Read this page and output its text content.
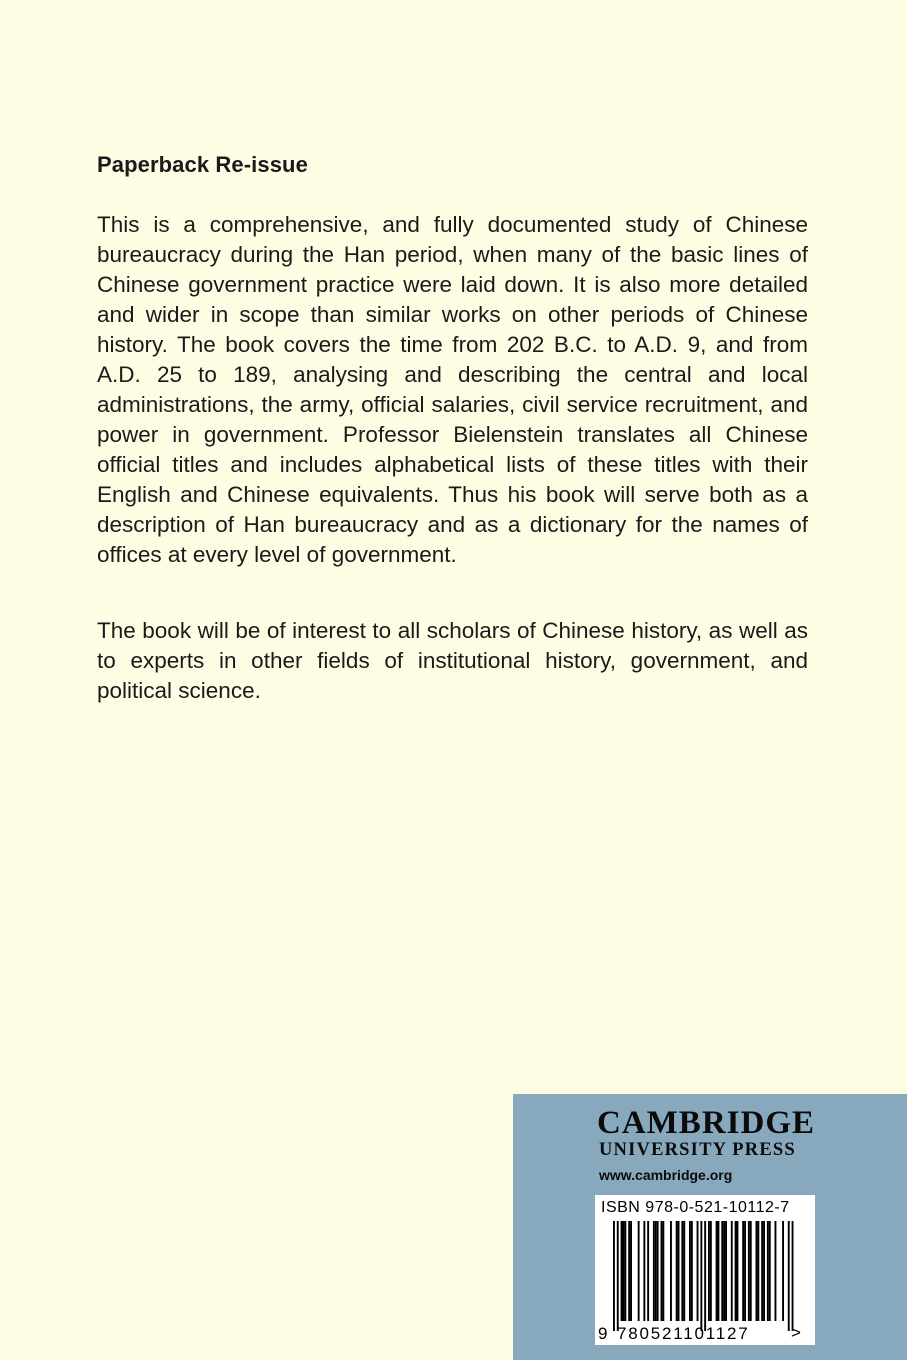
Paperback Re-issue

This is a comprehensive, and fully documented study of Chinese bureaucracy during the Han period, when many of the basic lines of Chinese government practice were laid down. It is also more detailed and wider in scope than similar works on other periods of Chinese history. The book covers the time from 202 B.C. to A.D. 9, and from A.D. 25 to 189, analysing and describing the central and local administrations, the army, official salaries, civil service recruitment, and power in government. Professor Bielenstein translates all Chinese official titles and includes alphabetical lists of these titles with their English and Chinese equivalents. Thus his book will serve both as a description of Han bureaucracy and as a dictionary for the names of offices at every level of government.

The book will be of interest to all scholars of Chinese history, as well as to experts in other fields of institutional history, government, and political science.

CAMBRIDGE
UNIVERSITY PRESS
www.cambridge.org
ISBN 978-0-521-10112-7
9 780521101127 >
